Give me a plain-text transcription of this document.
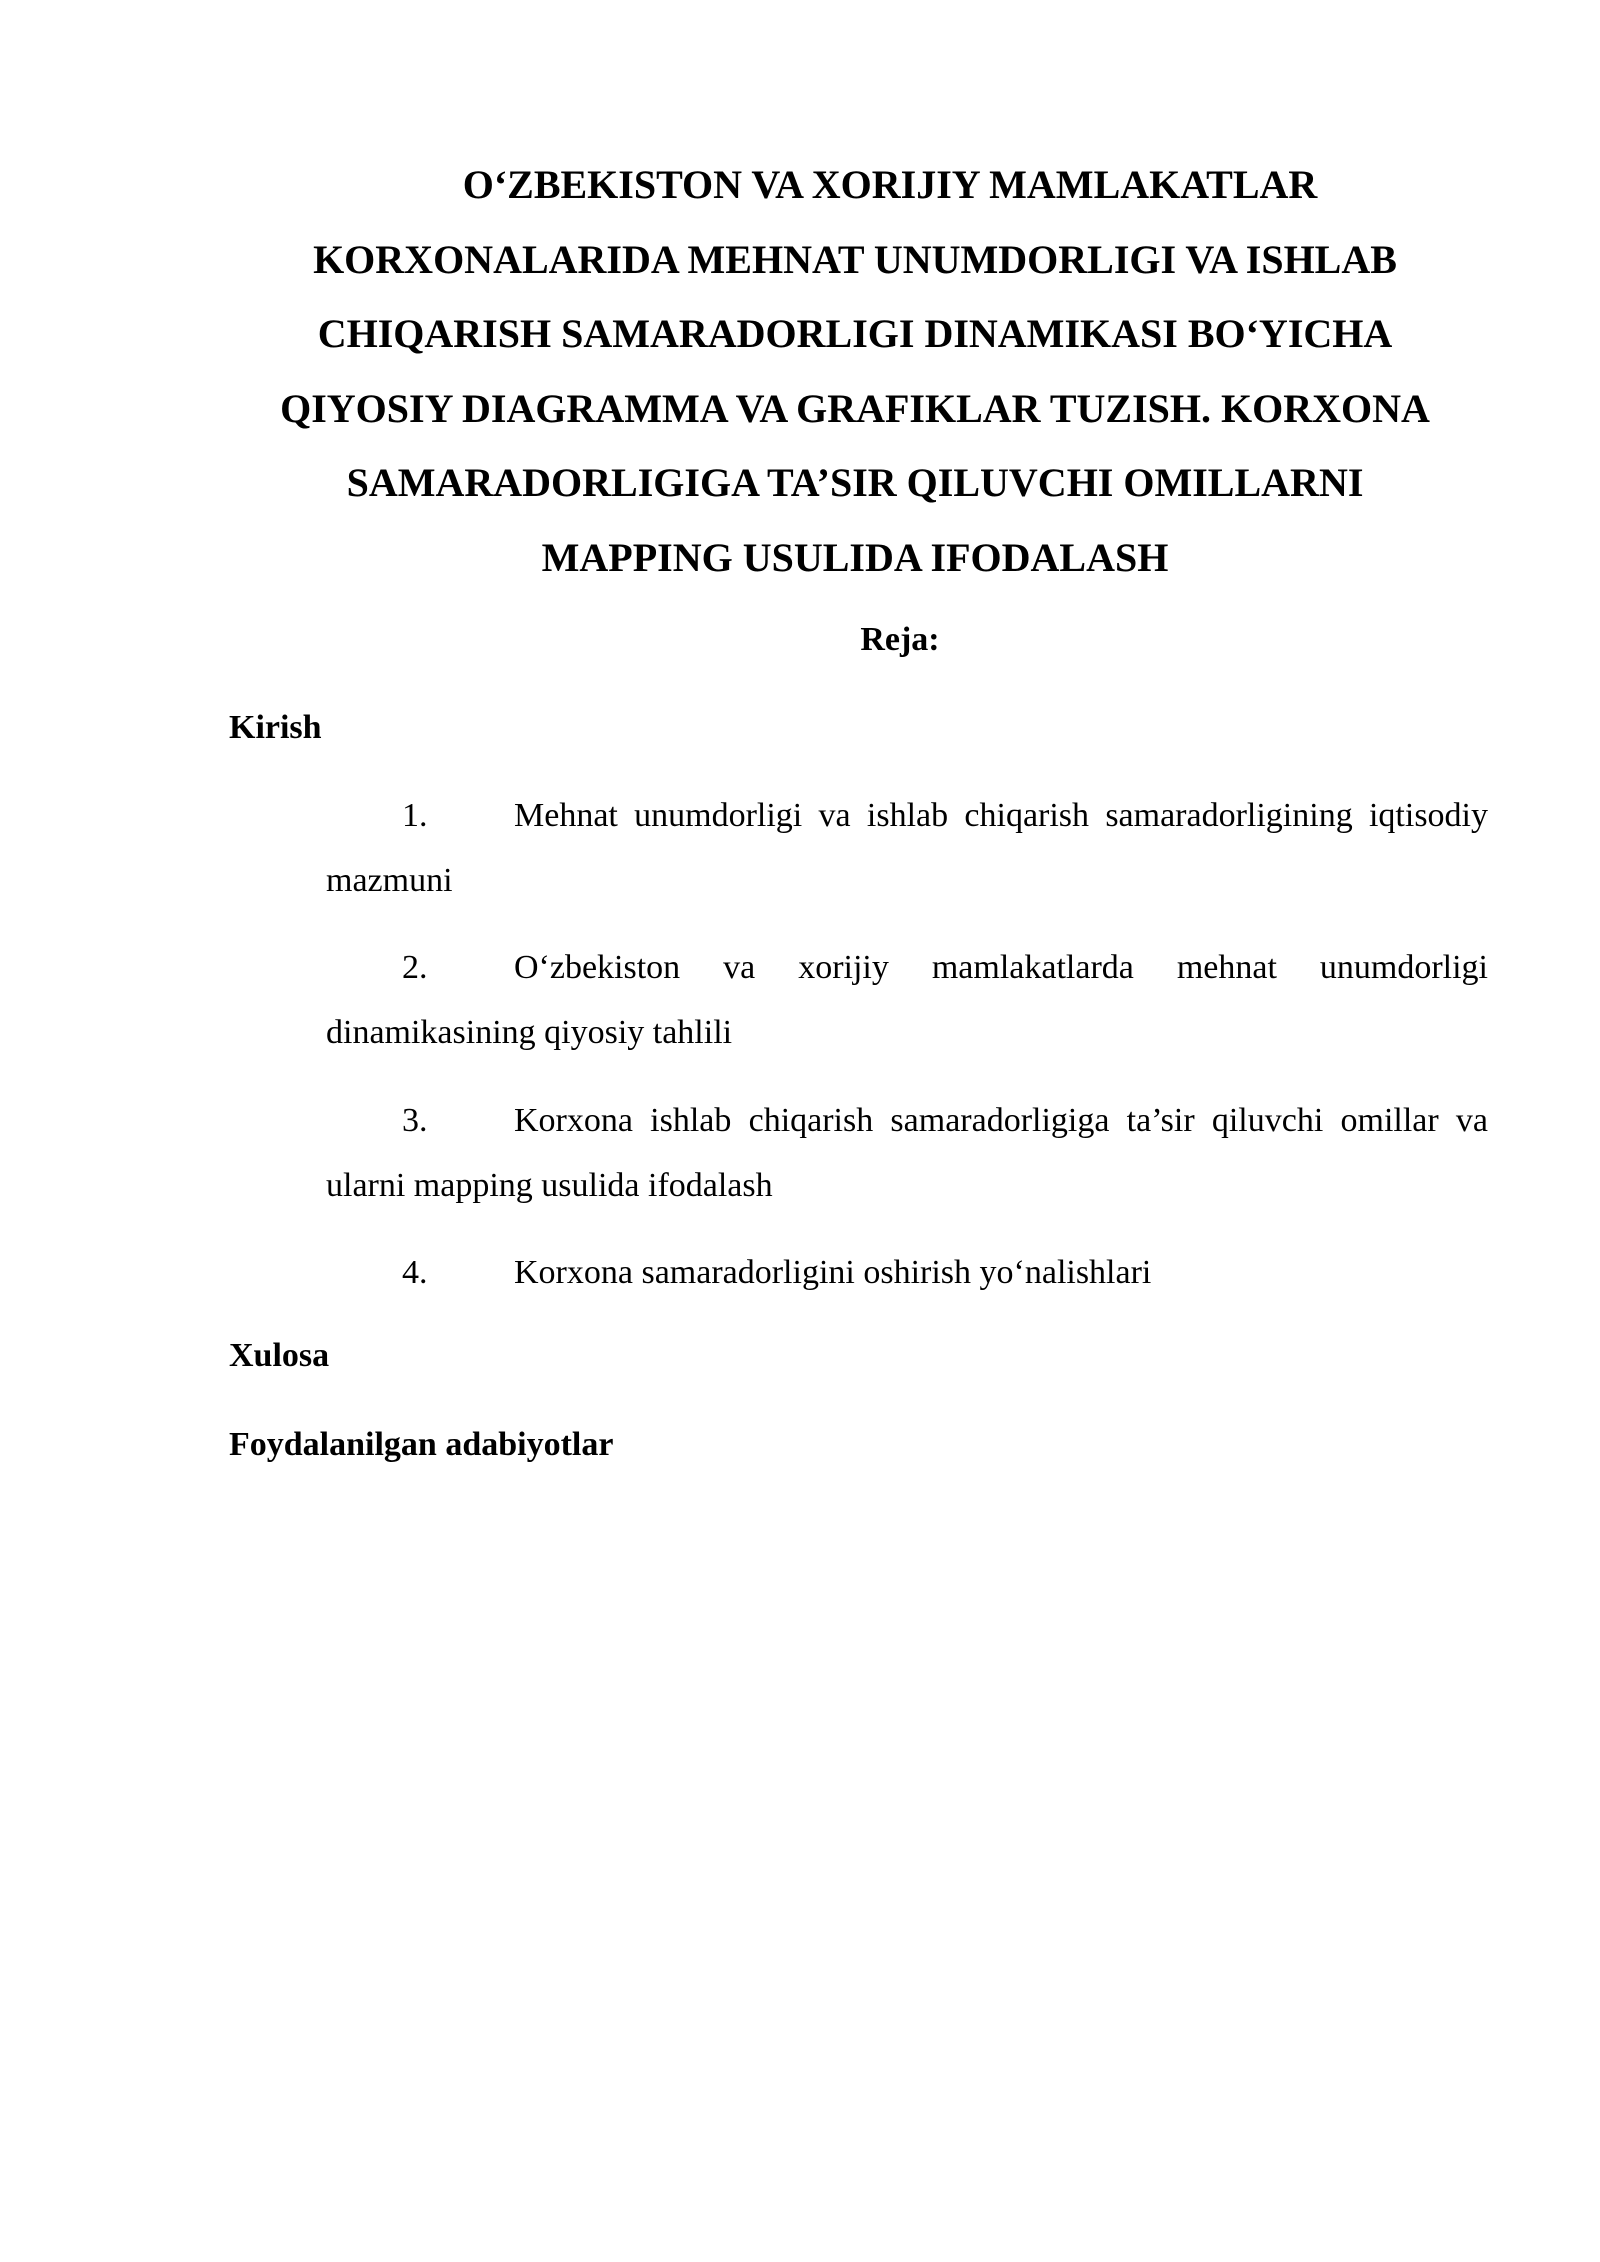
O‘ZBEKISTON VA XORIJIY MAMLAKATLAR
KORXONALARIDA MEHNAT UNUMDORLIGI VA ISHLAB
CHIQARISH SAMARADORLIGI DINAMIKASI BO‘YICHA
QIYOSIY DIAGRAMMA VA GRAFIKLAR TUZISH. KORXONA
SAMARADORLIGIGA TA’SIR QILUVCHI OMILLARNI
MAPPING USULIDA IFODALASH
Reja:
Kirish
1.	Mehnat unumdorligi va ishlab chiqarish samaradorligining iqtisodiy mazmuni
2.	O‘zbekiston va xorijiy mamlakatlarda mehnat unumdorligi dinamikasining qiyosiy tahlili
3.	Korxona ishlab chiqarish samaradorligiga ta’sir qiluvchi omillar va ularni mapping usulida ifodalash
4.	Korxona samaradorligini oshirish yo‘nalishlari
Xulosa
Foydalanilgan adabiyotlar
